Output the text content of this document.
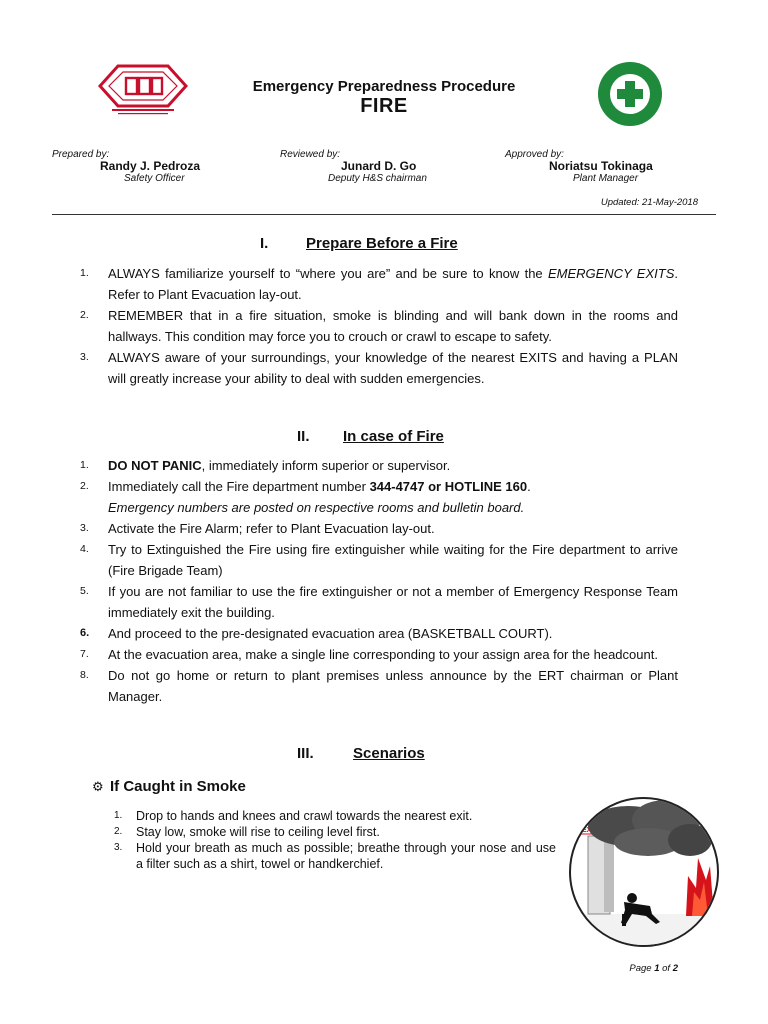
Emergency Preparedness Procedure
FIRE
Prepared by:
Randy J. Pedroza
Safety Officer
Reviewed by:
Junard D. Go
Deputy H&S chairman
Approved by:
Noriatsu Tokinaga
Plant Manager
Updated: 21-May-2018
I.	Prepare Before a Fire
1.	ALWAYS familiarize yourself to “where you are” and be sure to know the EMERGENCY EXITS. Refer to Plant Evacuation lay-out.
2.	REMEMBER that in a fire situation, smoke is blinding and will bank down in the rooms and hallways. This condition may force you to crouch or crawl to escape to safety.
3.	ALWAYS aware of your surroundings, your knowledge of the nearest EXITS and having a PLAN will greatly increase your ability to deal with sudden emergencies.
II. In case of Fire
1.	DO NOT PANIC, immediately inform superior or supervisor.
2.	Immediately call the Fire department number 344-4747 or HOTLINE 160.
Emergency numbers are posted on respective rooms and bulletin board.
3.	Activate the Fire Alarm; refer to Plant Evacuation lay-out.
4.	Try to Extinguished the Fire using fire extinguisher while waiting for the Fire department to arrive (Fire Brigade Team)
5.	If you are not familiar to use the fire extinguisher or not a member of Emergency Response Team immediately exit the building.
6.	And proceed to the pre-designated evacuation area (BASKETBALL COURT).
7.	At the evacuation area, make a single line corresponding to your assign area for the headcount.
8.	Do not go home or return to plant premises unless announce by the ERT chairman or Plant Manager.
III.	Scenarios
⚙ If Caught in Smoke
1.	Drop to hands and knees and crawl towards the nearest exit.
2.	Stay low, smoke will rise to ceiling level first.
3.	Hold your breath as much as possible; breathe through your nose and use a filter such as a shirt, towel or handkerchief.
Page 1 of 2
